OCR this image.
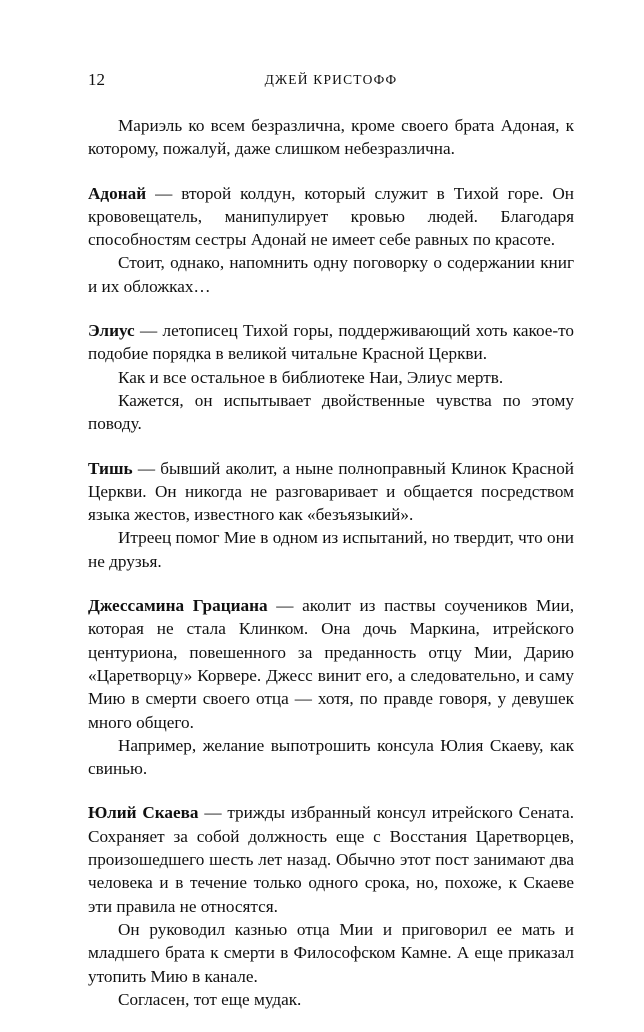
12	ДЖЕЙ КРИСТОФФ

Мариэль ко всем безразлична, кроме своего брата Адоная, к которому, пожалуй, даже слишком небезразлична.

Адонай — второй колдун, который служит в Тихой горе. Он крововещатель, манипулирует кровью людей. Благодаря способностям сестры Адонай не имеет себе равных по красоте.

Стоит, однако, напомнить одну поговорку о содержании книг и их обложках…

Элиус — летописец Тихой горы, поддерживающий хоть какое-то подобие порядка в великой читальне Красной Церкви.

Как и все остальное в библиотеке Наи, Элиус мертв.

Кажется, он испытывает двойственные чувства по этому поводу.

Тишь — бывший аколит, а ныне полноправный Клинок Красной Церкви. Он никогда не разговаривает и общается посредством языка жестов, известного как «безъязыкий».

Итреец помог Мие в одном из испытаний, но твердит, что они не друзья.

Джессамина Грациана — аколит из паствы соучеников Мии, которая не стала Клинком. Она дочь Маркина, итрейского центуриона, повешенного за преданность отцу Мии, Дарию «Царетворцу» Корвере. Джесс винит его, а следовательно, и саму Мию в смерти своего отца — хотя, по правде говоря, у девушек много общего.

Например, желание выпотрошить консула Юлия Скаеву, как свинью.

Юлий Скаева — трижды избранный консул итрейского Сената. Сохраняет за собой должность еще с Восстания Царетворцев, произошедшего шесть лет назад. Обычно этот пост занимают два человека и в течение только одного срока, но, похоже, к Скаеве эти правила не относятся.

Он руководил казнью отца Мии и приговорил ее мать и младшего брата к смерти в Философском Камне. А еще приказал утопить Мию в канале.

Согласен, тот еще мудак.
